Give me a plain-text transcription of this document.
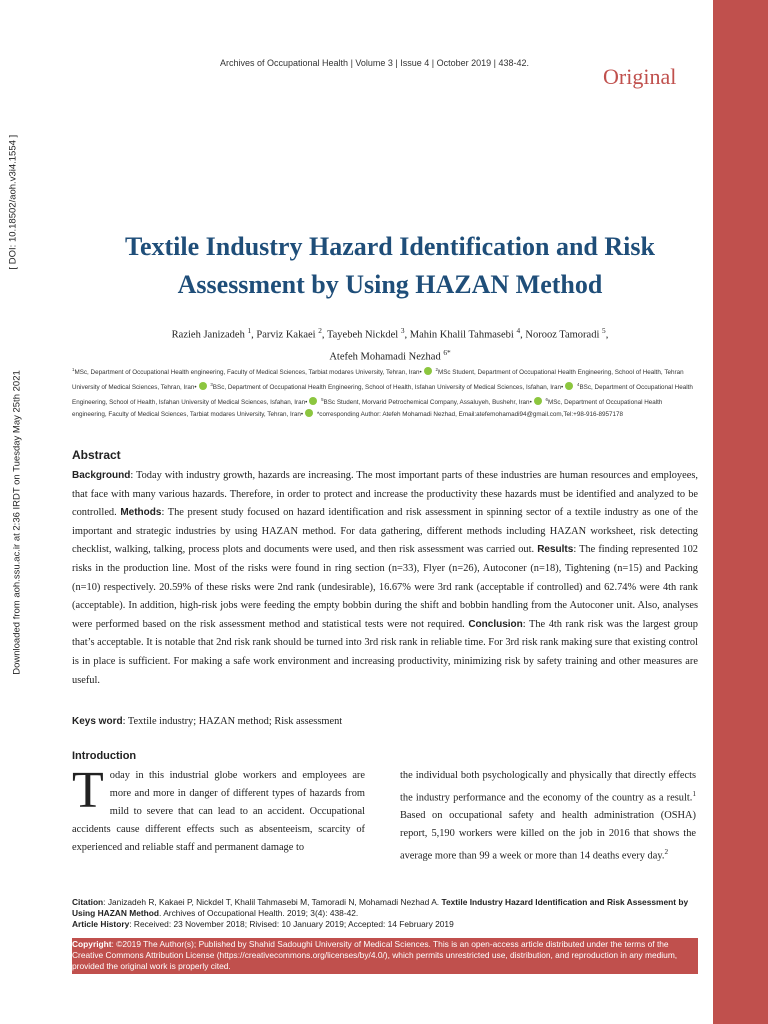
Archives of Occupational Health | Volume 3 | Issue 4 | October 2019 | 438-42.
Original
[ DOI: 10.18502/aoh.v3i4.1554 ]
Downloaded from aoh.ssu.ac.ir at 2:36 IRDT on Tuesday May 25th 2021
Textile Industry Hazard Identification and Risk Assessment by Using HAZAN Method
Razieh Janizadeh $^1$, Parviz Kakaei $^2$, Tayebeh Nickdel $^3$, Mahin Khalil Tahmasebi $^4$, Norooz Tamoradi $^5$,
Atefeh Mohamadi Nezhad $^{6*}$
$^1$MSc, Department of Occupational Health engineering, Faculty of Medical Sciences, Tarbiat modares University, Tehran, Iran•	$^2$MSc Student, Department of Occupational Health Engineering, School of Health, Tehran University of Medical Sciences, Tehran, Iran•	$^3$BSc, Department of Occupational Health Engineering, School of Health, Isfahan University of Medical Sciences, Isfahan, Iran•	$^4$BSc, Department of Occupational Health Engineering, School of Health, Isfahan University of Medical Sciences, Isfahan, Iran•	$^5$BSc Student, Morvarid Petrochemical Company, Assaluyeh, Bushehr, Iran•	$^6$MSc, Department of Occupational Health engineering, Faculty of Medical Sciences, Tarbiat modares University, Tehran, Iran• *corresponding Author: Atefeh Mohamadi Nezhad, Email:atefemohamadi94@gmail.com,Tel:+98-916-8957178
Abstract
Background: Today with industry growth, hazards are increasing. The most important parts of these industries are human resources and employees, that face with many various hazards. Therefore, in order to protect and increase the productivity these hazards must be identified and analyzed to be controlled. Methods: The present study focused on hazard identification and risk assessment in spinning sector of a textile industry as one of the important and strategic industries by using HAZAN method. For data gathering, different methods including HAZAN worksheet, risk detecting checklist, walking, talking, process plots and documents were used, and then risk assessment was carried out. Results: The finding represented 102 risks in the production line. Most of the risks were found in ring section (n=33), Flyer (n=26), Autoconer (n=18), Tightening (n=15) and Packing (n=10) respectively. 20.59% of these risks were 2nd rank (undesirable), 16.67% were 3rd rank (acceptable if controlled) and 62.74% were 4th rank (acceptable). In addition, high-risk jobs were feeding the empty bobbin during the shift and bobbin handling from the Autoconer unit. Also, analyses were performed based on the risk assessment method and statistical tests were not required. Conclusion: The 4th rank risk was the largest group that’s acceptable. It is notable that 2nd risk rank should be turned into 3rd risk rank in reliable time. For 3rd risk rank making sure that existing control is in place is sufficient. For making a safe work environment and increasing productivity, minimizing risk by safety training and other measures are useful.
Keys word: Textile industry; HAZAN method; Risk assessment
Introduction
Today in this industrial globe workers and employees are more and more in danger of different types of hazards from mild to severe that can lead to an accident. Occupational accidents cause different effects such as absenteeism, scarcity of experienced and reliable staff and permanent damage to
the individual both psychologically and physically that directly effects the industry performance and the economy of the country as a result.$^1$ Based on occupational safety and health administration (OSHA) report, 5,190 workers were killed on the job in 2016 that shows the average more than 99 a week or more than 14 deaths every day.$^2$
Citation: Janizadeh R, Kakaei P, Nickdel T, Khalil Tahmasebi M, Tamoradi N, Mohamadi Nezhad A. Textile Industry Hazard Identification and Risk Assessment by Using HAZAN Method. Archives of Occupational Health. 2019; 3(4): 438-42.
Article History: Received: 23 November 2018; Rivised: 10 January 2019; Accepted: 14 February 2019
Copyright: ©2019 The Author(s); Published by Shahid Sadoughi University of Medical Sciences. This is an open-access article distributed under the terms of the Creative Commons Attribution License (https://creativecommons.org/licenses/by/4.0/), which permits unrestricted use, distribution, and reproduction in any medium, provided the original work is properly cited.
